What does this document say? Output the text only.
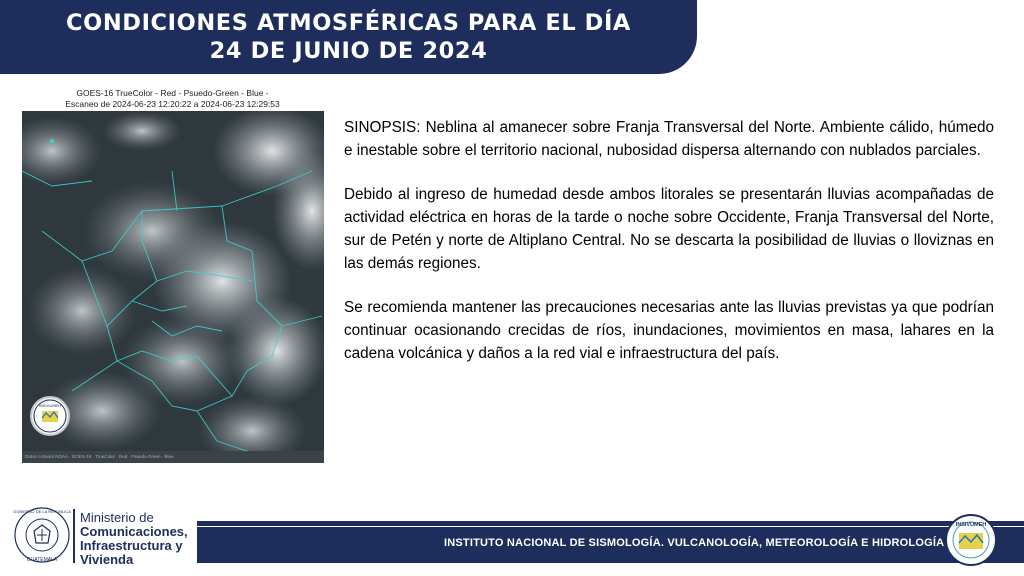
CONDICIONES ATMOSFÉRICAS PARA EL DÍA
24 DE JUNIO DE 2024
GOES-16 TrueColor - Red - Psuedo-Green - Blue -
Escaneo de 2024-06-23 12:20:22 a 2024-06-23 12:29:53
INSIVUMEH
Datos cortesía NOAA · GOES-16 · TrueColor · Red · Psuedo-Green · Blue

SINOPSIS: Neblina al amanecer sobre Franja Transversal del Norte. Ambiente cálido, húmedo e inestable sobre el territorio nacional, nubosidad dispersa alternando con nublados parciales.

Debido al ingreso de humedad desde ambos litorales se presentarán lluvias acompañadas de actividad eléctrica en horas de la tarde o noche sobre Occidente, Franja Transversal del Norte, sur de Petén y norte de Altiplano Central. No se descarta la posibilidad de lluvias o lloviznas en las demás regiones.

Se recomienda mantener las precauciones necesarias ante las lluvias previstas ya que podrían continuar ocasionando crecidas de ríos, inundaciones, movimientos en masa, lahares en la cadena volcánica y daños a la red vial e infraestructura del país.

GOBIERNO DE LA REPÚBLICA
GUATEMALA
Ministerio de
Comunicaciones,
Infraestructura y
Vivienda
INSTITUTO NACIONAL DE SISMOLOGÍA. VULCANOLOGÍA, METEOROLOGÍA E HIDROLOGÍA
INSIVUMEH
